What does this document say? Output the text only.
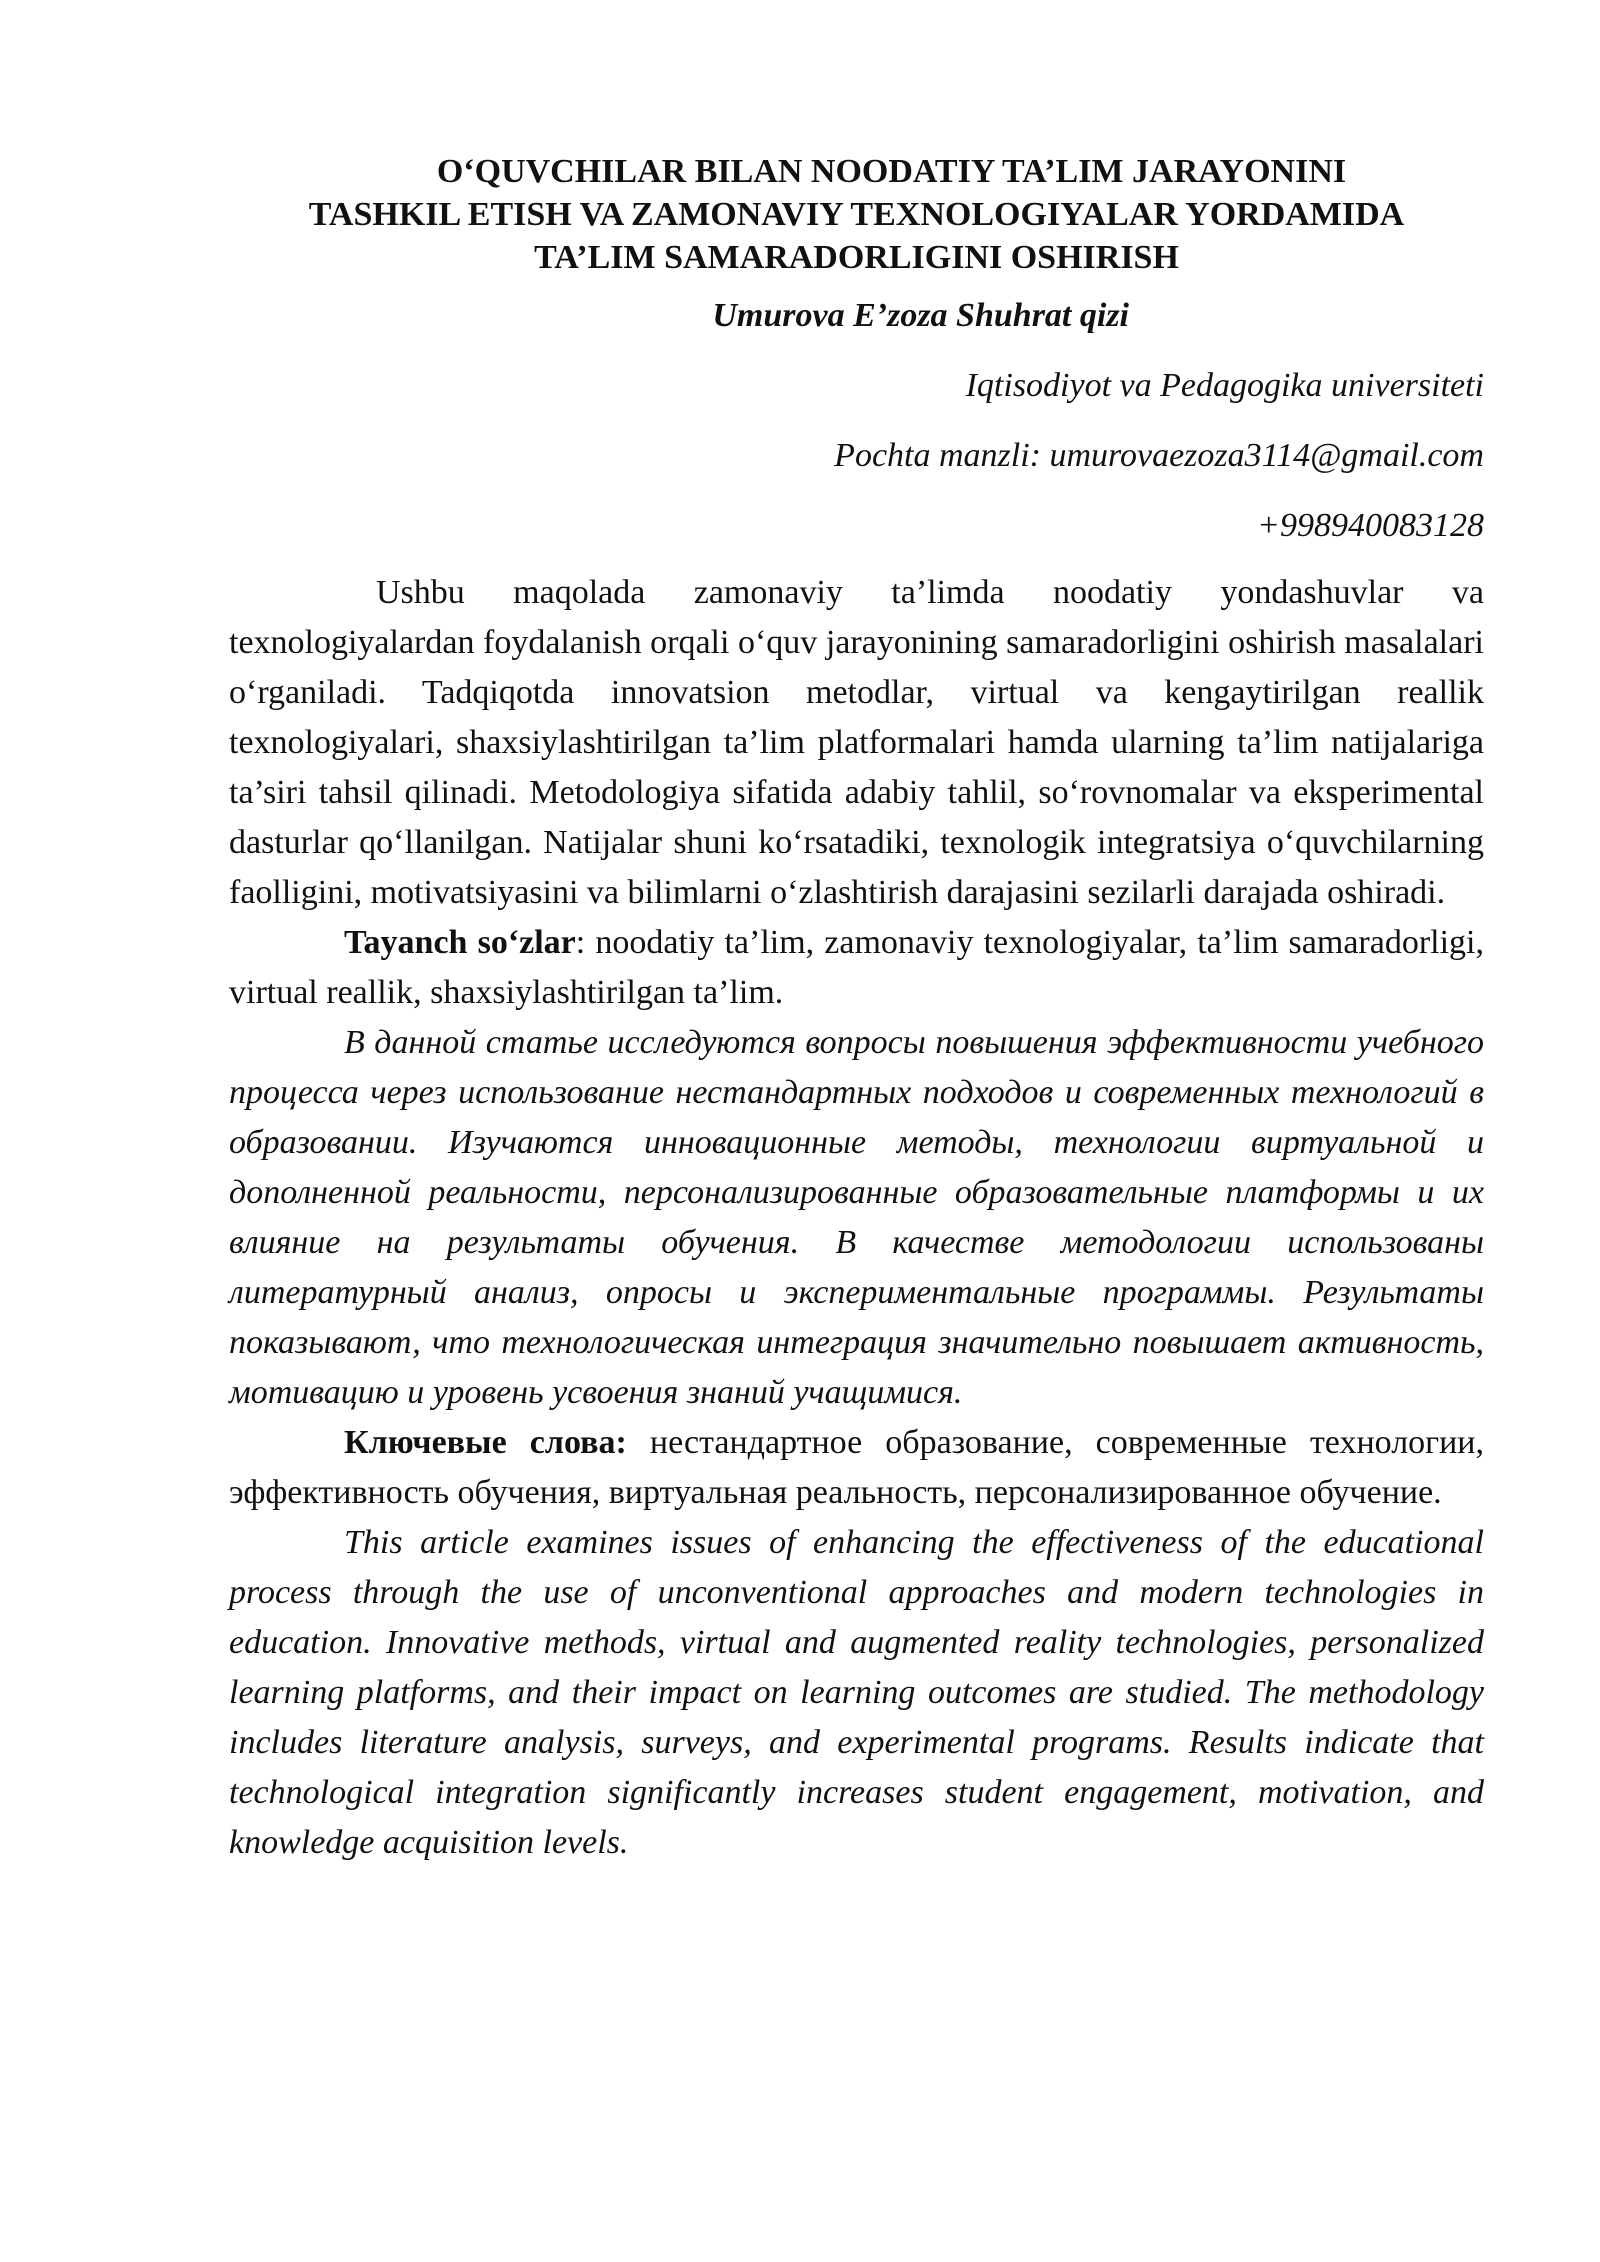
O‘QUVCHILAR BILAN NOODATIY TA’LIM JARAYONINI
TASHKIL ETISH VA ZAMONAVIY TEXNOLOGIYALAR YORDAMIDA
TA’LIM SAMARADORLIGINI OSHIRISH

Umurova E’zoza Shuhrat qizi

Iqtisodiyot va Pedagogika universiteti

Pochta manzli: umurovaezoza3114@gmail.com

+998940083128

Ushbu maqolada zamonaviy ta’limda noodatiy yondashuvlar va texnologiyalardan foydalanish orqali o‘quv jarayonining samaradorligini oshirish masalalari o‘rganiladi. Tadqiqotda innovatsion metodlar, virtual va kengaytirilgan reallik texnologiyalari, shaxsiylashtirilgan ta’lim platformalari hamda ularning ta’lim natijalariga ta’siri tahsil qilinadi. Metodologiya sifatida adabiy tahlil, so‘rovnomalar va eksperimental dasturlar qo‘llanilgan. Natijalar shuni ko‘rsatadiki, texnologik integratsiya o‘quvchilarning faolligini, motivatsiyasini va bilimlarni o‘zlashtirish darajasini sezilarli darajada oshiradi.

Tayanch so‘zlar: noodatiy ta’lim, zamonaviy texnologiyalar, ta’lim samaradorligi, virtual reallik, shaxsiylashtirilgan ta’lim.

В данной статье исследуются вопросы повышения эффективности учебного процесса через использование нестандартных подходов и современных технологий в образовании. Изучаются инновационные методы, технологии виртуальной и дополненной реальности, персонализированные образовательные платформы и их влияние на результаты обучения. В качестве методологии использованы литературный анализ, опросы и экспериментальные программы. Результаты показывают, что технологическая интеграция значительно повышает активность, мотивацию и уровень усвоения знаний учащимися.

Ключевые слова: нестандартное образование, современные технологии, эффективность обучения, виртуальная реальность, персонализированное обучение.

This article examines issues of enhancing the effectiveness of the educational process through the use of unconventional approaches and modern technologies in education. Innovative methods, virtual and augmented reality technologies, personalized learning platforms, and their impact on learning outcomes are studied. The methodology includes literature analysis, surveys, and experimental programs. Results indicate that technological integration significantly increases student engagement, motivation, and knowledge acquisition levels.
